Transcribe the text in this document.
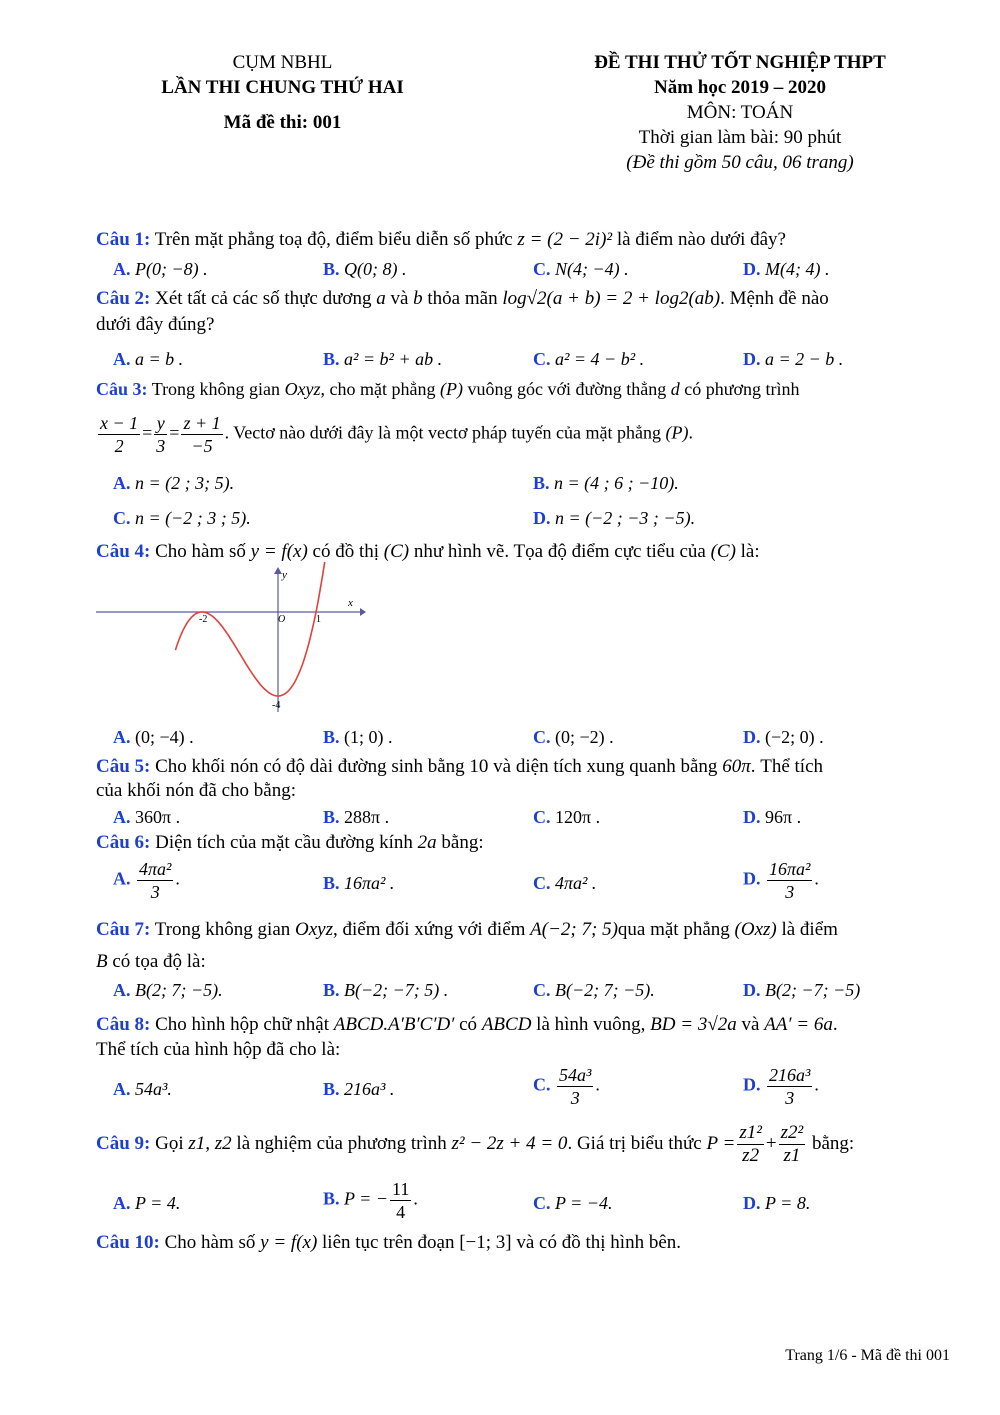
CỤM NBHL
LẦN THI CHUNG THỨ HAI
Mã đề thi: 001
ĐỀ THI THỬ TỐT NGHIỆP THPT
Năm học 2019 – 2020
MÔN: TOÁN
Thời gian làm bài: 90 phút
(Đề thi gồm 50 câu, 06 trang)
Câu 1: Trên mặt phẳng toạ độ, điểm biểu diễn số phức z = (2 − 2i)² là điểm nào dưới đây?
A. P(0; −8) .	B. Q(0; 8) .	C. N(4; −4) .	D. M(4; 4) .
Câu 2: Xét tất cả các số thực dương a và b thỏa mãn log√2(a + b) = 2 + log2(ab). Mệnh đề nào
dưới đây đúng?
A. a = b .	B. a² = b² + ab .	C. a² = 4 − b² .	D. a = 2 − b .
Câu 3: Trong không gian Oxyz, cho mặt phẳng (P) vuông góc với đường thẳng d có phương trình
$\frac{x - 1}{2} = \frac{y}{3} = \frac{z + 1}{-5}$ . Vectơ nào dưới đây là một vectơ pháp tuyến của mặt phẳng (P).
A. n = (2 ; 3; 5).	B. n = (4 ; 6 ; −10).
C. n = (−2 ; 3 ; 5).	D. n = (−2 ; −3 ; −5).
Câu 4: Cho hàm số y = f(x) có đồ thị (C) như hình vẽ. Tọa độ điểm cực tiểu của (C) là:
x
y
O
-2	1
-4
A. (0; −4) .	B. (1; 0) .	C. (0; −2) .	D. (−2; 0) .
Câu 5: Cho khối nón có độ dài đường sinh bằng 10 và diện tích xung quanh bằng 60π. Thể tích
của khối nón đã cho bằng:
A. 360π .	B. 288π .	C. 120π .	D. 96π .
Câu 6: Diện tích của mặt cầu đường kính 2a bằng:
A. $\frac{\text{4πa²}}{3}$ .	B. 16πa² .	C. 4πa² .	D. $\frac{\text{16πa²}}{3}$ .
Câu 7: Trong không gian Oxyz, điểm đối xứng với điểm A(−2; 7; 5)qua mặt phẳng (Oxz) là điểm
B có tọa độ là:
A. B(2; 7; −5).	B. B(−2; −7; 5) .	C. B(−2; 7; −5).	D. B(2; −7; −5)
Câu 8: Cho hình hộp chữ nhật ABCD.A′B′C′D′ có ABCD là hình vuông, BD = 3√2a và AA′ = 6a.
Thể tích của hình hộp đã cho là:
A. 54a³.	B. 216a³ .	C. $\frac{\text{54a³}}{3}$ .	D. $\frac{\text{216a³}}{3}$ .
Câu 9: Gọi z1, z2 là nghiệm của phương trình z² − 2z + 4 = 0. Giá trị biểu thức $P = \frac{\text{z1²}}{z2} + \frac{\text{z2²}}{z1}$ bằng:
A. P = 4.	B. P = − $\frac{11}{4}$ .	C. P = −4.	D. P = 8.
Câu 10: Cho hàm số y = f(x) liên tục trên đoạn [−1; 3] và có đồ thị hình bên.
Trang 1/6 - Mã đề thi 001
